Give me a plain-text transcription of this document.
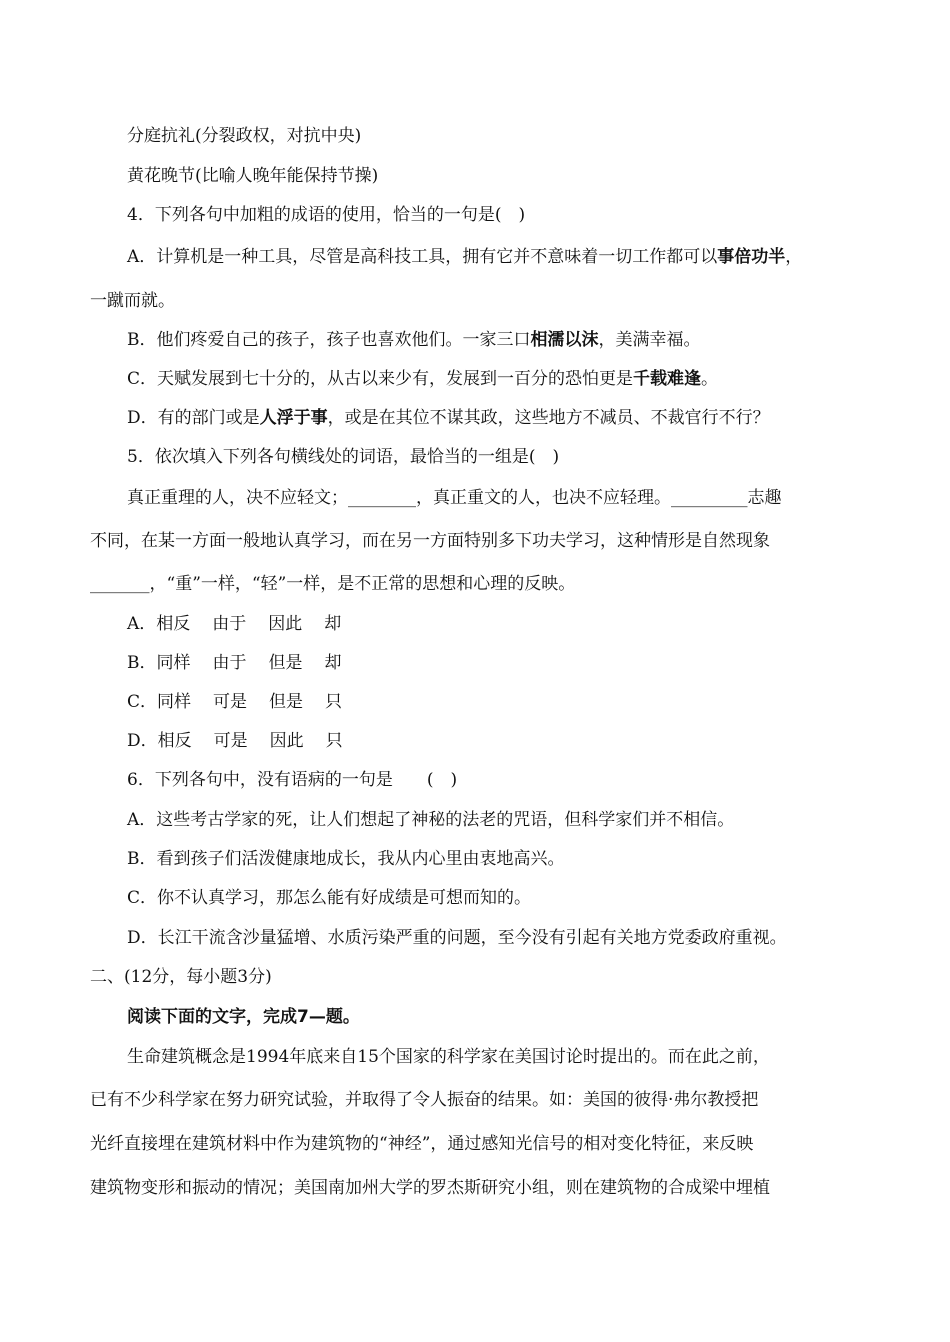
分庭抗礼(分裂政权，对抗中央)
黄花晚节(比喻人晚年能保持节操)
4．下列各句中加粗的成语的使用，恰当的一句是(　)
A．计算机是一种工具，尽管是高科技工具，拥有它并不意味着一切工作都可以事倍功半，
一蹴而就。
B．他们疼爱自己的孩子，孩子也喜欢他们。一家三口相濡以沫，美满幸福。
C．天赋发展到七十分的，从古以来少有，发展到一百分的恐怕更是千载难逢。
D．有的部门或是人浮于事，或是在其位不谋其政，这些地方不减员、不裁官行不行？
5．依次填入下列各句横线处的词语，最恰当的一组是(　)
真正重理的人，决不应轻文；________，真正重文的人，也决不应轻理。_________志趣
不同，在某一方面一般地认真学习，而在另一方面特别多下功夫学习，这种情形是自然现象
_______，“重”一样，“轻”一样，是不正常的思想和心理的反映。
A．相反 由于 因此 却
B．同样 由于 但是 却
C．同样 可是 但是 只
D．相反 可是 因此 只
6．下列各句中，没有语病的一句是　　(　)
A．这些考古学家的死，让人们想起了神秘的法老的咒语，但科学家们并不相信。
B．看到孩子们活泼健康地成长，我从内心里由衷地高兴。
C．你不认真学习，那怎么能有好成绩是可想而知的。
D．长江干流含沙量猛增、水质污染严重的问题，至今没有引起有关地方党委政府重视。
二、(12分，每小题3分)
阅读下面的文字，完成7—题。
生命建筑概念是1994年底来自15个国家的科学家在美国讨论时提出的。而在此之前，
已有不少科学家在努力研究试验，并取得了令人振奋的结果。如：美国的彼得·弗尔教授把
光纤直接埋在建筑材料中作为建筑物的“神经”，通过感知光信号的相对变化特征，来反映
建筑物变形和振动的情况；美国南加州大学的罗杰斯研究小组，则在建筑物的合成梁中埋植
